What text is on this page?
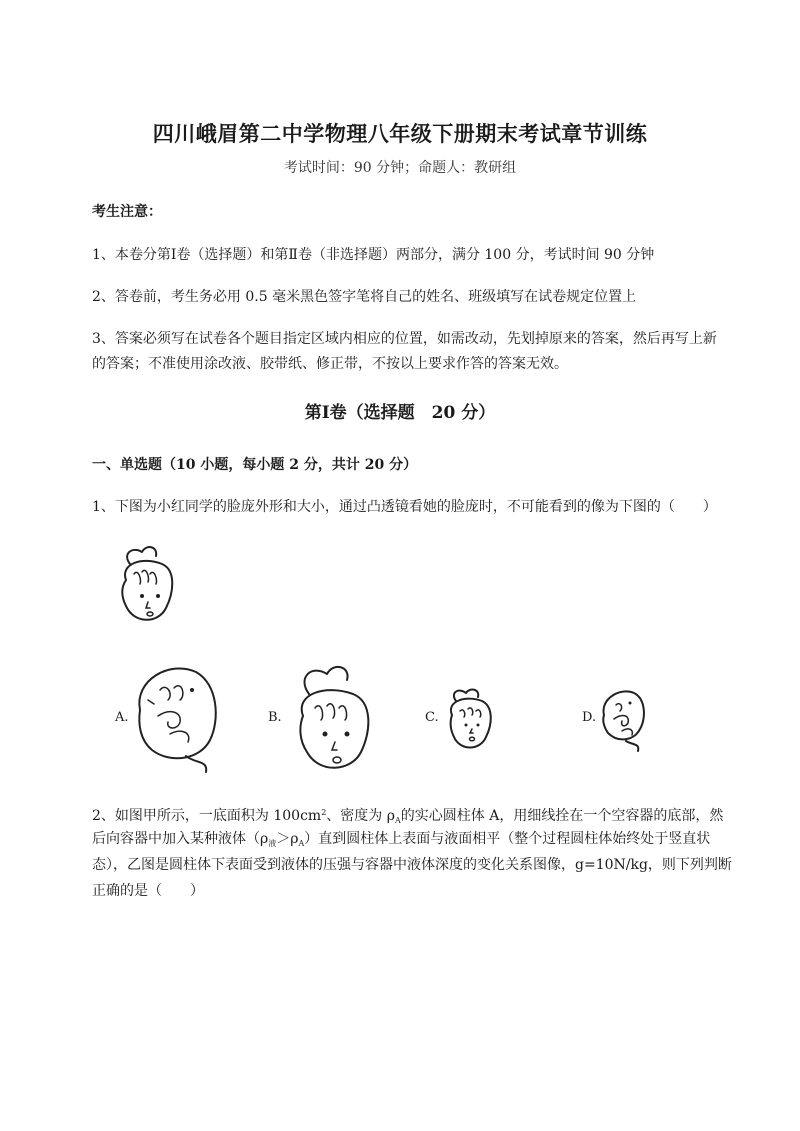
四川峨眉第二中学物理八年级下册期末考试章节训练
考试时间：90 分钟；命题人：教研组
考生注意：
1、本卷分第Ⅰ卷（选择题）和第Ⅱ卷（非选择题）两部分，满分 100 分，考试时间 90 分钟
2、答卷前，考生务必用 0.5 毫米黑色签字笔将自己的姓名、班级填写在试卷规定位置上
3、答案必须写在试卷各个题目指定区域内相应的位置，如需改动，先划掉原来的答案，然后再写上新
的答案；不准使用涂改液、胶带纸、修正带，不按以上要求作答的答案无效。
第Ⅰ卷（选择题　20 分）
一、单选题（10 小题，每小题 2 分，共计 20 分）
1、下图为小红同学的脸庞外形和大小，通过凸透镜看她的脸庞时，不可能看到的像为下图的（　　）
A.	B.	C.	D.
2、如图甲所示，一底面积为 $100cm^2$、密度为 $\rho_A$的实心圆柱体 A，用细线拴在一个空容器的底部，然
后向容器中加入某种液体$(\rho_液>\rho_A)$直到圆柱体上表面与液面相平（整个过程圆柱体始终处于竖直状
态），乙图是圆柱体下表面受到液体的压强与容器中液体深度的变化关系图像，g=10N/kg，则下列判断
正确的是（　　）
